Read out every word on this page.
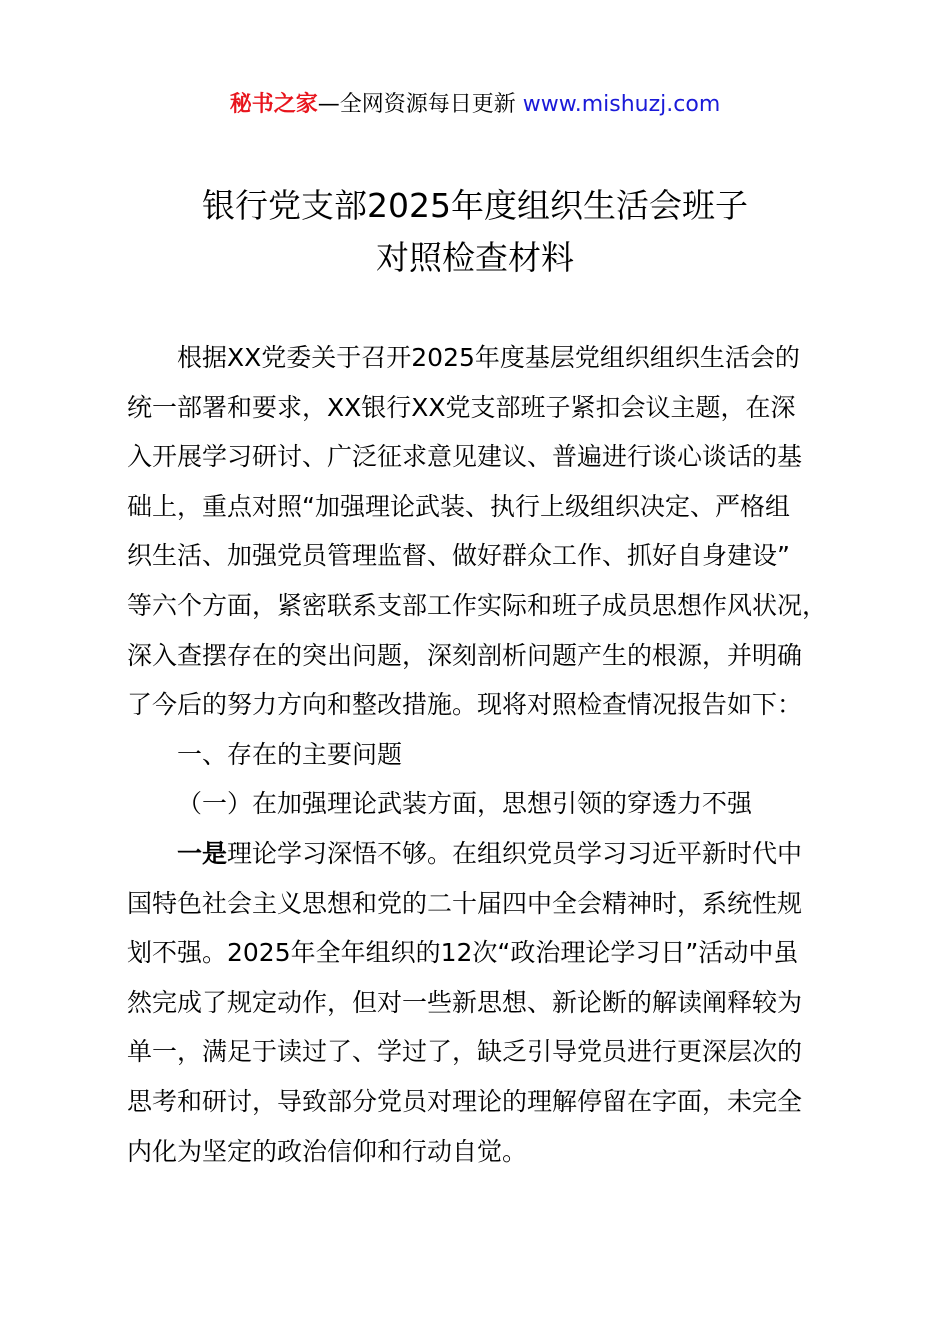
秘书之家—全网资源每日更新 www.mishuzj.com
银行党支部2025年度组织生活会班子
对照检查材料
根据XX党委关于召开2025年度基层党组织组织生活会的
统一部署和要求，XX银行XX党支部班子紧扣会议主题，在深
入开展学习研讨、广泛征求意见建议、普遍进行谈心谈话的基
础上，重点对照“加强理论武装、执行上级组织决定、严格组
织生活、加强党员管理监督、做好群众工作、抓好自身建设”
等六个方面，紧密联系支部工作实际和班子成员思想作风状况，
深入查摆存在的突出问题，深刻剖析问题产生的根源，并明确
了今后的努力方向和整改措施。现将对照检查情况报告如下：
一、存在的主要问题
（一）在加强理论武装方面，思想引领的穿透力不强
一是理论学习深悟不够。在组织党员学习习近平新时代中
国特色社会主义思想和党的二十届四中全会精神时，系统性规
划不强。2025年全年组织的12次“政治理论学习日”活动中虽
然完成了规定动作，但对一些新思想、新论断的解读阐释较为
单一，满足于读过了、学过了，缺乏引导党员进行更深层次的
思考和研讨，导致部分党员对理论的理解停留在字面，未完全
内化为坚定的政治信仰和行动自觉。
